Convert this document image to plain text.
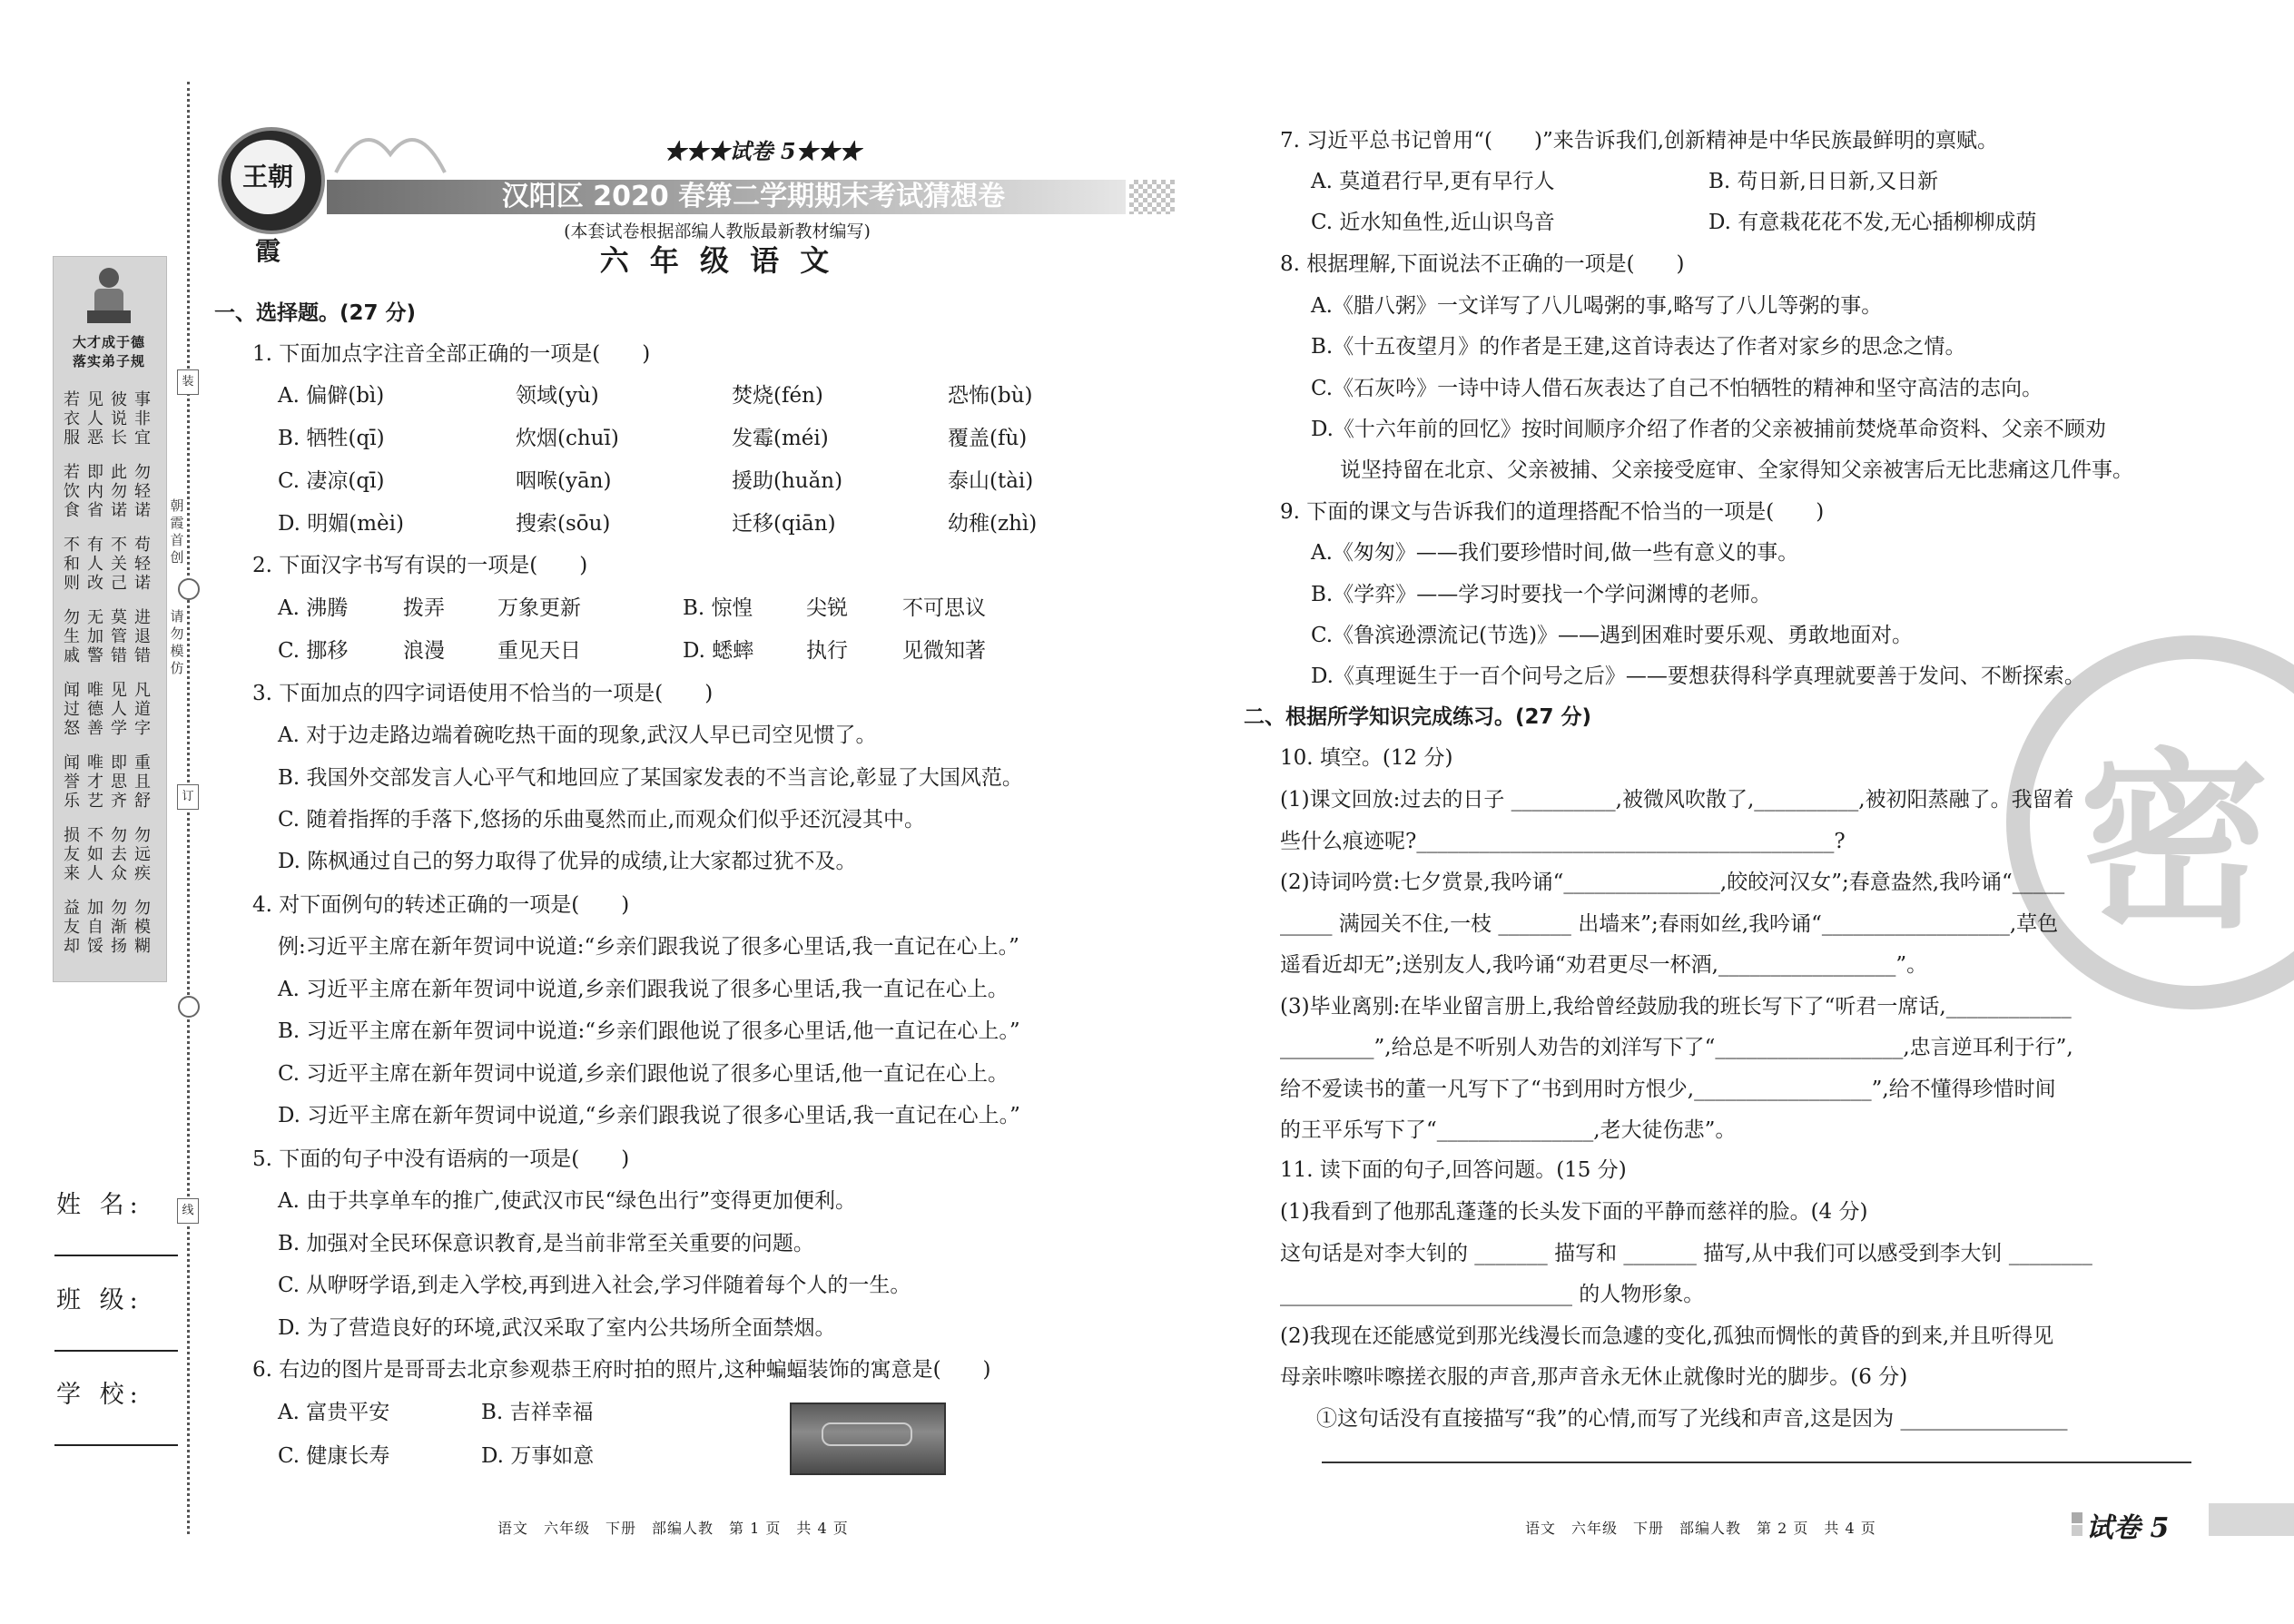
大才成于德
落实弟子规
若衣服
见人恶
彼说长
事非宜
若饮食
即内省
此勿诺
勿轻诺
不和则
有人改
不关己
苟轻诺
勿生戚
无加警
莫管错
进退错
闻过怒
唯德善
见人学
凡道字
闻誉乐
唯才艺
即思齐
重且舒
损友来
不如人
勿去众
勿远疾
益友却
加自馁
勿渐扬
勿模糊
朝霞首创
请勿模仿
装
订
线
姓 名:
班 级:
学 校:
王朝霞
★★★试卷 5★★★
汉阳区 2020 春第二学期期末考试猜想卷
(本套试卷根据部编人教版最新教材编写)
六 年 级 语 文
一、选择题。(27 分)
1. 下面加点字注音全部正确的一项是(　　)
A. 偏僻(bì)	领域(yù)	焚烧(fén)	恐怖(bù)
B. 牺牲(qī)	炊烟(chuī)	发霉(méi)	覆盖(fù)
C. 凄凉(qī)	咽喉(yān)	援助(huǎn)	泰山(tài)
D. 明媚(mèi)	搜索(sōu)	迁移(qiān)	幼稚(zhì)
2. 下面汉字书写有误的一项是(　　)
A. 沸腾	拨弄	万象更新	B. 惊惶	尖锐	不可思议
C. 挪移	浪漫	重见天日	D. 蟋蟀	执行	见微知著
3. 下面加点的四字词语使用不恰当的一项是(　　)
A. 对于边走路边端着碗吃热干面的现象,武汉人早已司空见惯了。
B. 我国外交部发言人心平气和地回应了某国家发表的不当言论,彰显了大国风范。
C. 随着指挥的手落下,悠扬的乐曲戛然而止,而观众们似乎还沉浸其中。
D. 陈枫通过自己的努力取得了优异的成绩,让大家都过犹不及。
4. 对下面例句的转述正确的一项是(　　)
例:习近平主席在新年贺词中说道:“乡亲们跟我说了很多心里话,我一直记在心上。”
A. 习近平主席在新年贺词中说道,乡亲们跟我说了很多心里话,我一直记在心上。
B. 习近平主席在新年贺词中说道:“乡亲们跟他说了很多心里话,他一直记在心上。”
C. 习近平主席在新年贺词中说道,乡亲们跟他说了很多心里话,他一直记在心上。
D. 习近平主席在新年贺词中说道,“乡亲们跟我说了很多心里话,我一直记在心上。”
5. 下面的句子中没有语病的一项是(　　)
A. 由于共享单车的推广,使武汉市民“绿色出行”变得更加便利。
B. 加强对全民环保意识教育,是当前非常至关重要的问题。
C. 从咿呀学语,到走入学校,再到进入社会,学习伴随着每个人的一生。
D. 为了营造良好的环境,武汉采取了室内公共场所全面禁烟。
6. 右边的图片是哥哥去北京参观恭王府时拍的照片,这种蝙蝠装饰的寓意是(　　)
A. 富贵平安	B. 吉祥幸福
C. 健康长寿	D. 万事如意
语文　六年级　下册　部编人教　第 1 页　共 4 页
密
7. 习近平总书记曾用“(　　)”来告诉我们,创新精神是中华民族最鲜明的禀赋。
A. 莫道君行早,更有早行人	B. 苟日新,日日新,又日新
C. 近水知鱼性,近山识鸟音	D. 有意栽花花不发,无心插柳柳成荫
8. 根据理解,下面说法不正确的一项是(　　)
A.《腊八粥》一文详写了八儿喝粥的事,略写了八儿等粥的事。
B.《十五夜望月》的作者是王建,这首诗表达了作者对家乡的思念之情。
C.《石灰吟》一诗中诗人借石灰表达了自己不怕牺牲的精神和坚守高洁的志向。
D.《十六年前的回忆》按时间顺序介绍了作者的父亲被捕前焚烧革命资料、父亲不顾劝
说坚持留在北京、父亲被捕、父亲接受庭审、全家得知父亲被害后无比悲痛这几件事。
9. 下面的课文与告诉我们的道理搭配不恰当的一项是(　　)
A.《匆匆》——我们要珍惜时间,做一些有意义的事。
B.《学弈》——学习时要找一个学问渊博的老师。
C.《鲁滨逊漂流记(节选)》——遇到困难时要乐观、勇敢地面对。
D.《真理诞生于一百个问号之后》——要想获得科学真理就要善于发问、不断探索。
二、根据所学知识完成练习。(27 分)
10. 填空。(12 分)
(1)课文回放:过去的日子 __________,被微风吹散了,__________,被初阳蒸融了。我留着
些什么痕迹呢?________________________________________?
(2)诗词吟赏:七夕赏景,我吟诵“_______________,皎皎河汉女”;春意盎然,我吟诵“_____
_____ 满园关不住,一枝 _______ 出墙来”;春雨如丝,我吟诵“__________________,草色
遥看近却无”;送别友人,我吟诵“劝君更尽一杯酒,_________________”。
(3)毕业离别:在毕业留言册上,我给曾经鼓励我的班长写下了“听君一席话,____________
_________”,给总是不听别人劝告的刘洋写下了“__________________,忠言逆耳利于行”,
给不爱读书的董一凡写下了“书到用时方恨少,_________________”,给不懂得珍惜时间
的王平乐写下了“_______________,老大徒伤悲”。
11. 读下面的句子,回答问题。(15 分)
(1)我看到了他那乱蓬蓬的长头发下面的平静而慈祥的脸。(4 分)
这句话是对李大钊的 _______ 描写和 _______ 描写,从中我们可以感受到李大钊 ________
____________________________ 的人物形象。
(2)我现在还能感觉到那光线漫长而急遽的变化,孤独而惆怅的黄昏的到来,并且听得见
母亲咔嚓咔嚓搓衣服的声音,那声音永无休止就像时光的脚步。(6 分)
①这句话没有直接描写“我”的心情,而写了光线和声音,这是因为 ________________
语文　六年级　下册　部编人教　第 2 页　共 4 页	试卷 5
